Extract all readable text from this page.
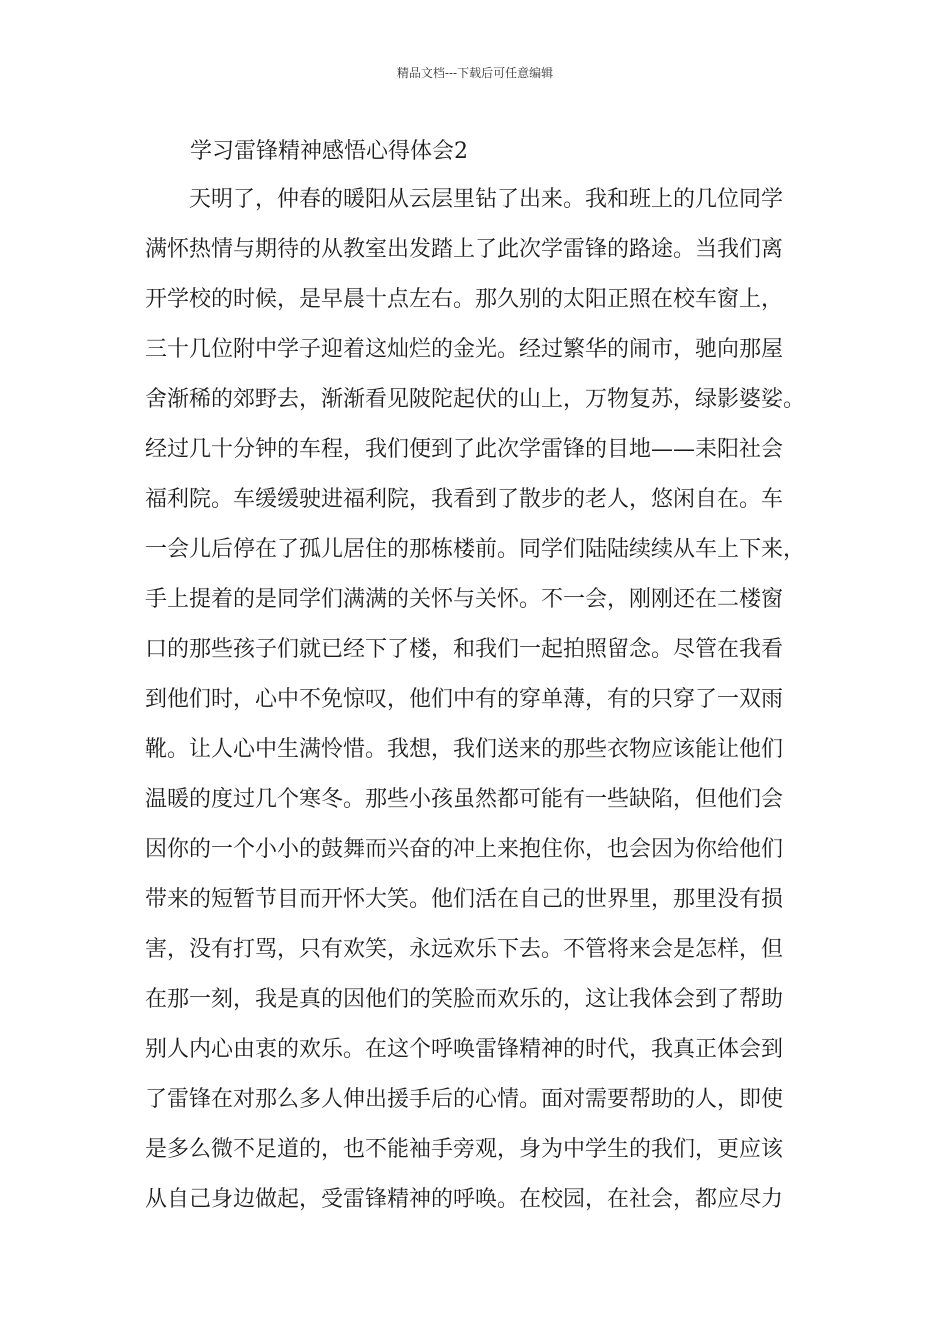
精品文档---下载后可任意编辑
学习雷锋精神感悟心得体会2
天明了，仲春的暖阳从云层里钻了出来。我和班上的几位同学
满怀热情与期待的从教室出发踏上了此次学雷锋的路途。当我们离
开学校的时候，是早晨十点左右。那久别的太阳正照在校车窗上，
三十几位附中学子迎着这灿烂的金光。经过繁华的闹市，驰向那屋
舍渐稀的郊野去，渐渐看见陂陀起伏的山上，万物复苏，绿影婆娑。
经过几十分钟的车程，我们便到了此次学雷锋的目地——耒阳社会
福利院。车缓缓驶进福利院，我看到了散步的老人，悠闲自在。车
一会儿后停在了孤儿居住的那栋楼前。同学们陆陆续续从车上下来，
手上提着的是同学们满满的关怀与关怀。不一会，刚刚还在二楼窗
口的那些孩子们就已经下了楼，和我们一起拍照留念。尽管在我看
到他们时，心中不免惊叹，他们中有的穿单薄，有的只穿了一双雨
靴。让人心中生满怜惜。我想，我们送来的那些衣物应该能让他们
温暖的度过几个寒冬。那些小孩虽然都可能有一些缺陷，但他们会
因你的一个小小的鼓舞而兴奋的冲上来抱住你，也会因为你给他们
带来的短暂节目而开怀大笑。他们活在自己的世界里，那里没有损
害，没有打骂，只有欢笑，永远欢乐下去。不管将来会是怎样，但
在那一刻，我是真的因他们的笑脸而欢乐的，这让我体会到了帮助
别人内心由衷的欢乐。在这个呼唤雷锋精神的时代，我真正体会到
了雷锋在对那么多人伸出援手后的心情。面对需要帮助的人，即使
是多么微不足道的，也不能袖手旁观，身为中学生的我们，更应该
从自己身边做起，受雷锋精神的呼唤。在校园，在社会，都应尽力
